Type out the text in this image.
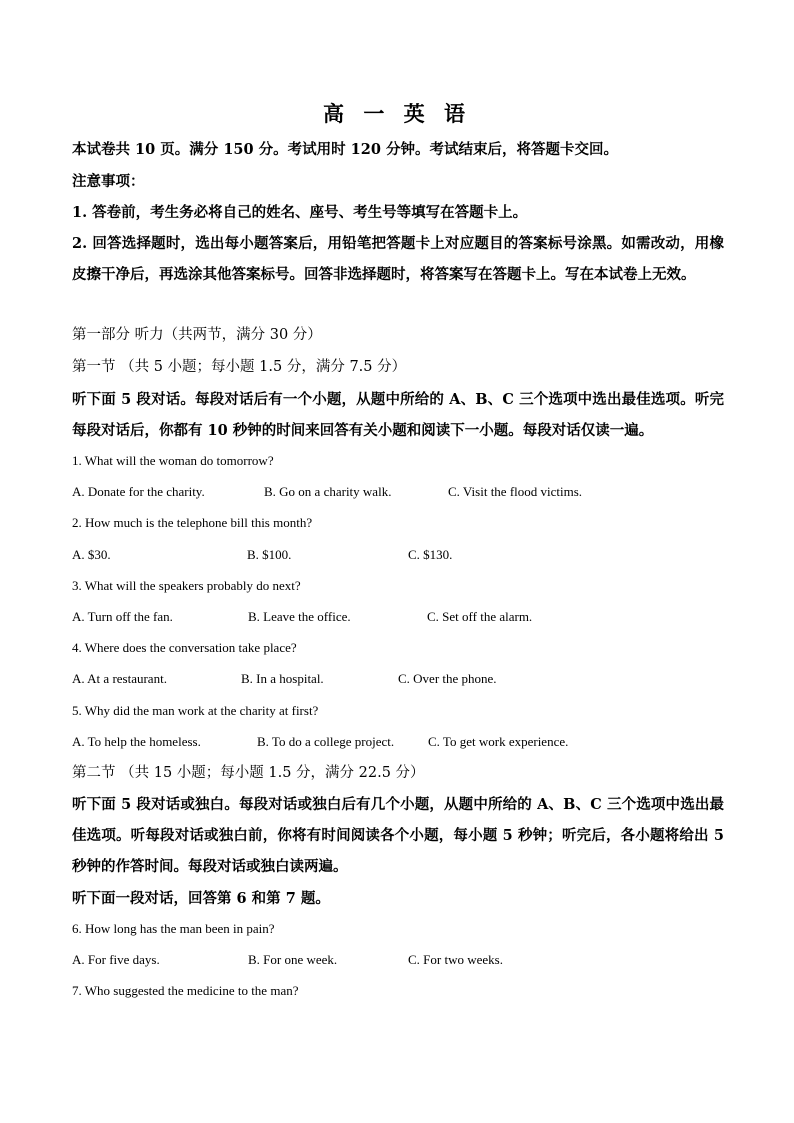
高 一 英 语
本试卷共 10 页。满分 150 分。考试用时 120 分钟。考试结束后，将答题卡交回。
注意事项：
1. 答卷前，考生务必将自己的姓名、座号、考生号等填写在答题卡上。
2. 回答选择题时，选出每小题答案后，用铅笔把答题卡上对应题目的答案标号涂黑。如需改动，用橡皮擦干净后，再选涂其他答案标号。回答非选择题时，将答案写在答题卡上。写在本试卷上无效。
第一部分 听力（共两节，满分 30 分）
第一节 （共 5 小题；每小题 1.5 分，满分 7.5 分）
听下面 5 段对话。每段对话后有一个小题，从题中所给的 A、B、C 三个选项中选出最佳选项。听完每段对话后，你都有 10 秒钟的时间来回答有关小题和阅读下一小题。每段对话仅读一遍。
1. What will the woman do tomorrow?
A. Donate for the charity.	B. Go on a charity walk.	C. Visit the flood victims.
2. How much is the telephone bill this month?
A. $30.	B. $100.	C. $130.
3. What will the speakers probably do next?
A. Turn off the fan.	B. Leave the office.	C. Set off the alarm.
4. Where does the conversation take place?
A. At a restaurant.	B. In a hospital.	C. Over the phone.
5. Why did the man work at the charity at first?
A. To help the homeless.	B. To do a college project.	C. To get work experience.
第二节 （共 15 小题；每小题 1.5 分，满分 22.5 分）
听下面 5 段对话或独白。每段对话或独白后有几个小题，从题中所给的 A、B、C 三个选项中选出最佳选项。听每段对话或独白前，你将有时间阅读各个小题，每小题 5 秒钟；听完后，各小题将给出 5 秒钟的作答时间。每段对话或独白读两遍。
听下面一段对话，回答第 6 和第 7 题。
6. How long has the man been in pain?
A. For five days.	B. For one week.	C. For two weeks.
7. Who suggested the medicine to the man?
